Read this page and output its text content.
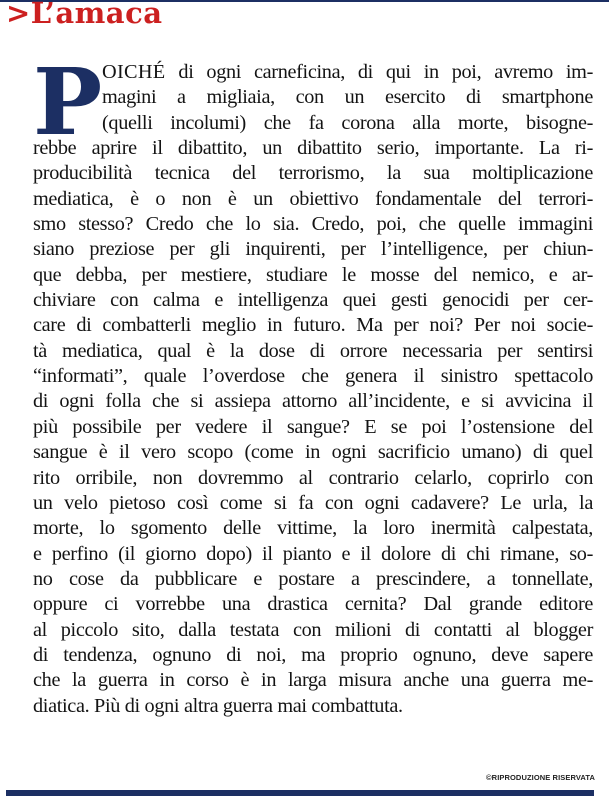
>L’amaca
P OICHÉ di ogni carneficina, di qui in poi, avremo im-
magini a migliaia, con un esercito di smartphone
(quelli incolumi) che fa corona alla morte, bisogne-
rebbe aprire il dibattito, un dibattito serio, importante. La ri-
producibilità tecnica del terrorismo, la sua moltiplicazione
mediatica, è o non è un obiettivo fondamentale del terrori-
smo stesso? Credo che lo sia. Credo, poi, che quelle immagini
siano preziose per gli inquirenti, per l’intelligence, per chiun-
que debba, per mestiere, studiare le mosse del nemico, e ar-
chiviare con calma e intelligenza quei gesti genocidi per cer-
care di combatterli meglio in futuro. Ma per noi? Per noi socie-
tà mediatica, qual è la dose di orrore necessaria per sentirsi
“informati”, quale l’overdose che genera il sinistro spettacolo
di ogni folla che si assiepa attorno all’incidente, e si avvicina il
più possibile per vedere il sangue? E se poi l’ostensione del
sangue è il vero scopo (come in ogni sacrificio umano) di quel
rito orribile, non dovremmo al contrario celarlo, coprirlo con
un velo pietoso così come si fa con ogni cadavere? Le urla, la
morte, lo sgomento delle vittime, la loro inermità calpestata,
e perfino (il giorno dopo) il pianto e il dolore di chi rimane, so-
no cose da pubblicare e postare a prescindere, a tonnellate,
oppure ci vorrebbe una drastica cernita? Dal grande editore
al piccolo sito, dalla testata con milioni di contatti al blogger
di tendenza, ognuno di noi, ma proprio ognuno, deve sapere
che la guerra in corso è in larga misura anche una guerra me-
diatica. Più di ogni altra guerra mai combattuta.
©RIPRODUZIONE RISERVATA
